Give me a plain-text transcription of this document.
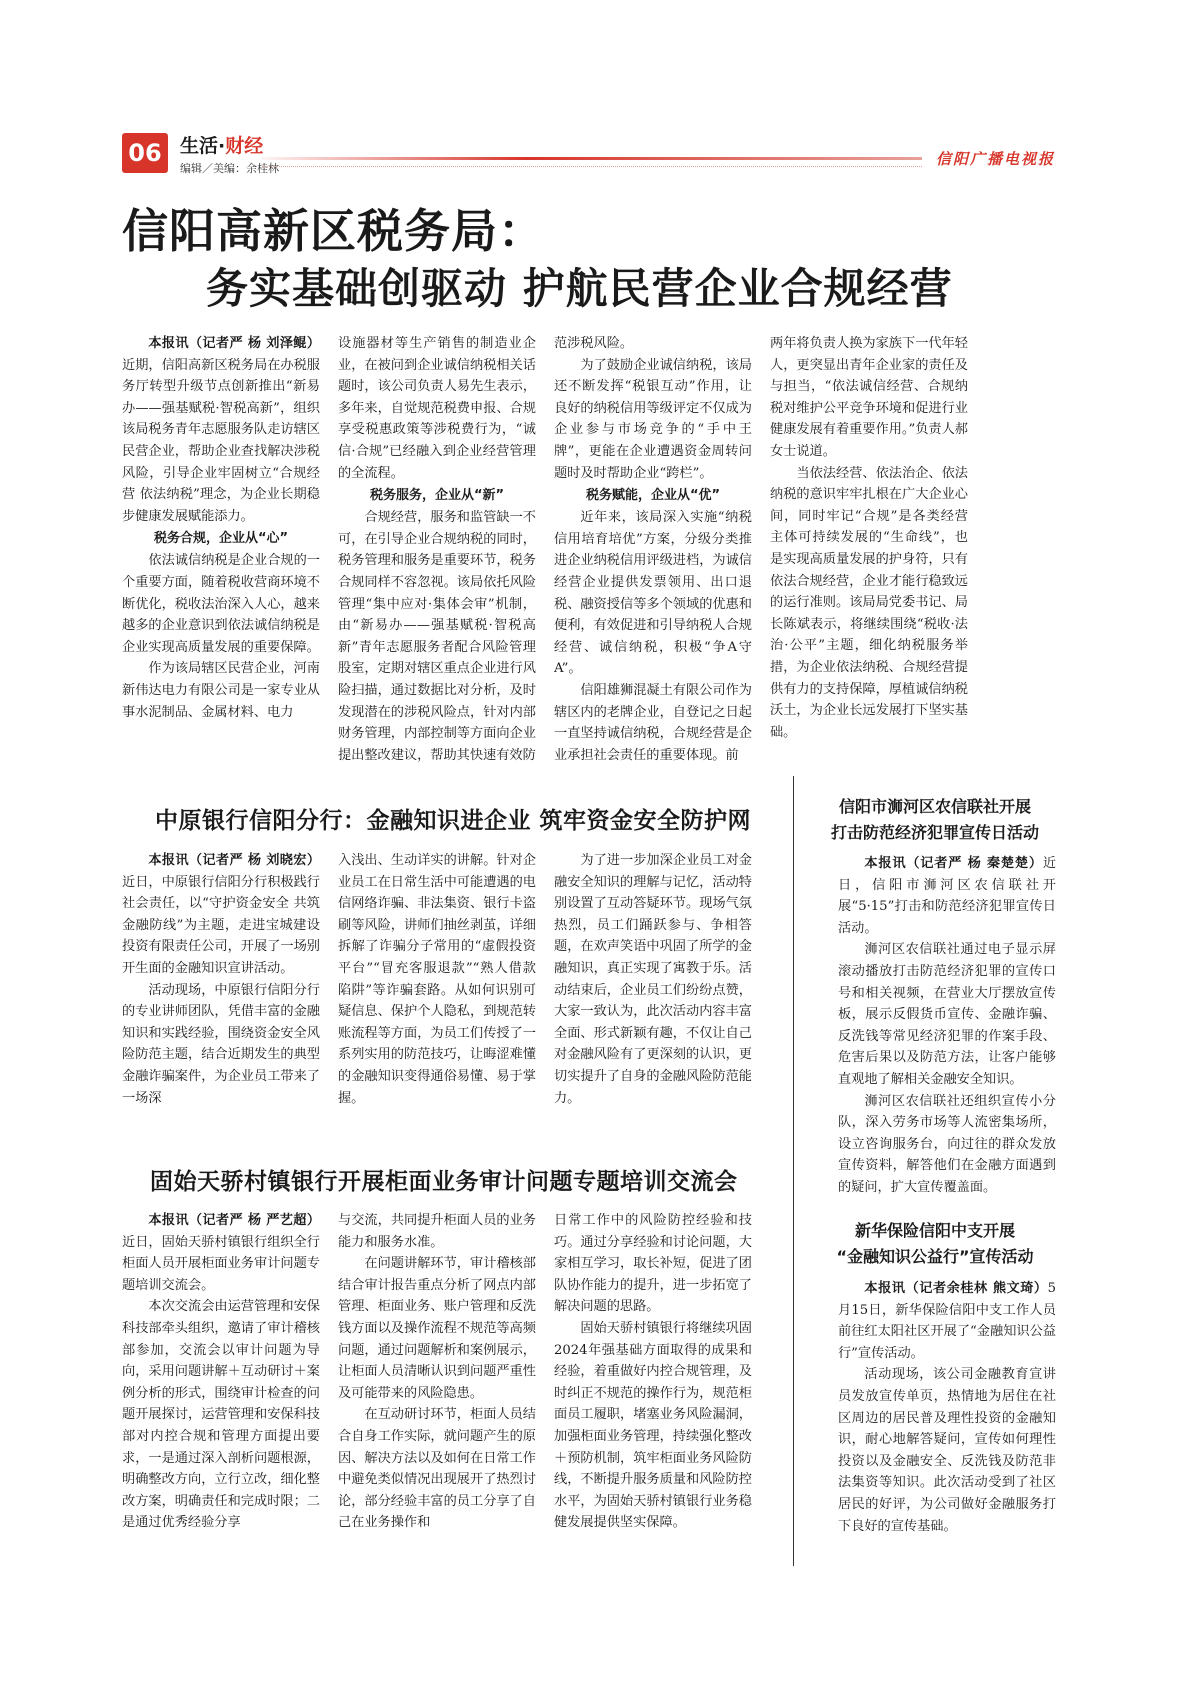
06 生活·财经
编辑／美编：余桂林
信阳广播电视报
信阳高新区税务局：
务实基础创驱动 护航民营企业合规经营

本报讯（记者严 杨 刘泽鲲）近期，信阳高新区税务局在办税服务厅转型升级节点创新推出“新易办——强基赋税·智税高新”，组织该局税务青年志愿服务队走访辖区民营企业，帮助企业查找解决涉税风险，引导企业牢固树立“合规经营 依法纳税”理念，为企业长期稳步健康发展赋能添力。

税务合规，企业从“心”

依法诚信纳税是企业合规的一个重要方面，随着税收营商环境不断优化，税收法治深入人心，越来越多的企业意识到依法诚信纳税是企业实现高质量发展的重要保障。

作为该局辖区民营企业，河南新伟达电力有限公司是一家专业从事水泥制品、金属材料、电力

设施器材等生产销售的制造业企业，在被问到企业诚信纳税相关话题时，该公司负责人易先生表示，多年来，自觉规范税费申报、合规享受税惠政策等涉税费行为，“诚信·合规”已经融入到企业经营管理的全流程。

税务服务，企业从“新”

合规经营，服务和监管缺一不可，在引导企业合规纳税的同时，税务管理和服务是重要环节，税务合规同样不容忽视。该局依托风险管理“集中应对·集体会审”机制，由“新易办——强基赋税·智税高新”青年志愿服务者配合风险管理股室，定期对辖区重点企业进行风险扫描，通过数据比对分析，及时发现潜在的涉税风险点，针对内部财务管理，内部控制等方面向企业提出整改建议，帮助其快速有效防

范涉税风险。

为了鼓励企业诚信纳税，该局还不断发挥“税银互动”作用，让良好的纳税信用等级评定不仅成为企业参与市场竞争的“手中王牌”，更能在企业遭遇资金周转问题时及时帮助企业“跨栏”。

税务赋能，企业从“优”

近年来，该局深入实施“纳税信用培育培优”方案，分级分类推进企业纳税信用评级进档，为诚信经营企业提供发票领用、出口退税、融资授信等多个领域的优惠和便利，有效促进和引导纳税人合规经营、诚信纳税，积极“争A守A”。

信阳雄狮混凝土有限公司作为辖区内的老牌企业，自登记之日起一直坚持诚信纳税，合规经营是企业承担社会责任的重要体现。前

两年将负责人换为家族下一代年轻人，更突显出青年企业家的责任及与担当，“依法诚信经营、合规纳税对维护公平竞争环境和促进行业健康发展有着重要作用。”负责人郝女士说道。

当依法经营、依法治企、依法纳税的意识牢牢扎根在广大企业心间，同时牢记“合规”是各类经营主体可持续发展的“生命线”，也是实现高质量发展的护身符，只有依法合规经营，企业才能行稳致远的运行准则。该局局党委书记、局长陈斌表示，将继续围绕“税收·法治·公平”主题，细化纳税服务举措，为企业依法纳税、合规经营提供有力的支持保障，厚植诚信纳税沃土，为企业长远发展打下坚实基础。

中原银行信阳分行：金融知识进企业 筑牢资金安全防护网

本报讯（记者严 杨 刘晓宏）近日，中原银行信阳分行积极践行社会责任，以“守护资金安全 共筑金融防线”为主题，走进宝城建设投资有限责任公司，开展了一场别开生面的金融知识宣讲活动。

活动现场，中原银行信阳分行的专业讲师团队，凭借丰富的金融知识和实践经验，围绕资金安全风险防范主题，结合近期发生的典型金融诈骗案件，为企业员工带来了一场深

入浅出、生动详实的讲解。针对企业员工在日常生活中可能遭遇的电信网络诈骗、非法集资、银行卡盗刷等风险，讲师们抽丝剥茧，详细拆解了诈骗分子常用的“虚假投资平台”“冒充客服退款”“熟人借款陷阱”等诈骗套路。从如何识别可疑信息、保护个人隐私，到规范转账流程等方面，为员工们传授了一系列实用的防范技巧，让晦涩难懂的金融知识变得通俗易懂、易于掌握。

为了进一步加深企业员工对金融安全知识的理解与记忆，活动特别设置了互动答疑环节。现场气氛热烈，员工们踊跃参与、争相答题，在欢声笑语中巩固了所学的金融知识，真正实现了寓教于乐。活动结束后，企业员工们纷纷点赞，大家一致认为，此次活动内容丰富全面、形式新颖有趣，不仅让自己对金融风险有了更深刻的认识，更切实提升了自身的金融风险防范能力。

固始天骄村镇银行开展柜面业务审计问题专题培训交流会

本报讯（记者严 杨 严艺超）近日，固始天骄村镇银行组织全行柜面人员开展柜面业务审计问题专题培训交流会。

本次交流会由运营管理和安保科技部牵头组织，邀请了审计稽核部参加，交流会以审计问题为导向，采用问题讲解＋互动研讨＋案例分析的形式，围绕审计检查的问题开展探讨，运营管理和安保科技部对内控合规和管理方面提出要求，一是通过深入剖析问题根源，明确整改方向，立行立改，细化整改方案，明确责任和完成时限；二是通过优秀经验分享

与交流，共同提升柜面人员的业务能力和服务水准。

在问题讲解环节，审计稽核部结合审计报告重点分析了网点内部管理、柜面业务、账户管理和反洗钱方面以及操作流程不规范等高频问题，通过问题解析和案例展示，让柜面人员清晰认识到问题严重性及可能带来的风险隐患。

在互动研讨环节，柜面人员结合自身工作实际，就问题产生的原因、解决方法以及如何在日常工作中避免类似情况出现展开了热烈讨论，部分经验丰富的员工分享了自己在业务操作和

日常工作中的风险防控经验和技巧。通过分享经验和讨论问题，大家相互学习，取长补短，促进了团队协作能力的提升，进一步拓宽了解决问题的思路。

固始天骄村镇银行将继续巩固2024年强基础方面取得的成果和经验，着重做好内控合规管理，及时纠正不规范的操作行为，规范柜面员工履职，堵塞业务风险漏洞，加强柜面业务管理，持续强化整改＋预防机制，筑牢柜面业务风险防线，不断提升服务质量和风险防控水平，为固始天骄村镇银行业务稳健发展提供坚实保障。

信阳市浉河区农信联社开展
打击防范经济犯罪宣传日活动

本报讯（记者严 杨 秦楚楚）近日，信阳市浉河区农信联社开展“5·15”打击和防范经济犯罪宣传日活动。

浉河区农信联社通过电子显示屏滚动播放打击防范经济犯罪的宣传口号和相关视频，在营业大厅摆放宣传板，展示反假货币宣传、金融诈骗、反洗钱等常见经济犯罪的作案手段、危害后果以及防范方法，让客户能够直观地了解相关金融安全知识。

浉河区农信联社还组织宣传小分队，深入劳务市场等人流密集场所，设立咨询服务台，向过往的群众发放宣传资料，解答他们在金融方面遇到的疑问，扩大宣传覆盖面。

新华保险信阳中支开展
“金融知识公益行”宣传活动

本报讯（记者余桂林 熊文琦）5月15日，新华保险信阳中支工作人员前往红太阳社区开展了“金融知识公益行”宣传活动。

活动现场，该公司金融教育宣讲员发放宣传单页，热情地为居住在社区周边的居民普及理性投资的金融知识，耐心地解答疑问，宣传如何理性投资以及金融安全、反洗钱及防范非法集资等知识。此次活动受到了社区居民的好评，为公司做好金融服务打下良好的宣传基础。
